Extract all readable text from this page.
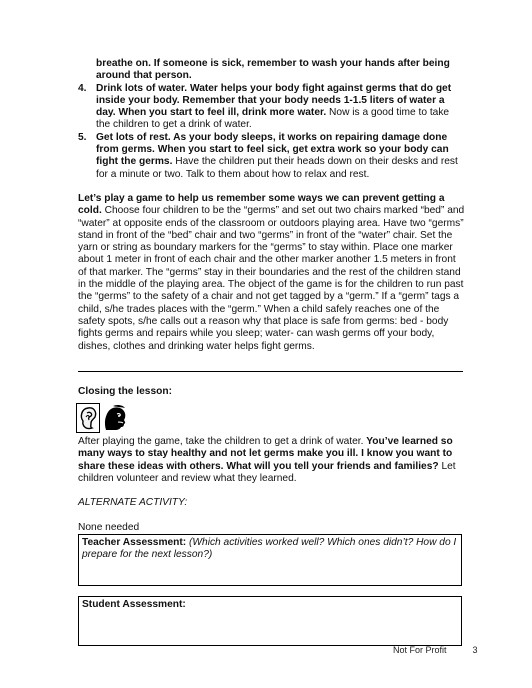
breathe on. If someone is sick, remember to wash your hands after being around that person.
4. Drink lots of water. Water helps your body fight against germs that do get inside your body. Remember that your body needs 1-1.5 liters of water a day. When you start to feel ill, drink more water. Now is a good time to take the children to get a drink of water.
5. Get lots of rest. As your body sleeps, it works on repairing damage done from germs. When you start to feel sick, get extra work so your body can fight the germs. Have the children put their heads down on their desks and rest for a minute or two. Talk to them about how to relax and rest.

Let’s play a game to help us remember some ways we can prevent getting a cold. Choose four children to be the “germs” and set out two chairs marked “bed” and “water” at opposite ends of the classroom or outdoors playing area. Have two “germs” stand in front of the “bed” chair and two “germs” in front of the “water” chair. Set the yarn or string as boundary markers for the “germs” to stay within. Place one marker about 1 meter in front of each chair and the other marker another 1.5 meters in front of that marker. The “germs” stay in their boundaries and the rest of the children stand in the middle of the playing area. The object of the game is for the children to run past the “germs” to the safety of a chair and not get tagged by a “germ.” If a “germ” tags a child, s/he trades places with the “germ.” When a child safely reaches one of the safety spots, s/he calls out a reason why that place is safe from germs: bed - body fights germs and repairs while you sleep; water- can wash germs off your body, dishes, clothes and drinking water helps fight germs.

Closing the lesson:

After playing the game, take the children to get a drink of water. You’ve learned so many ways to stay healthy and not let germs make you ill. I know you want to share these ideas with others. What will you tell your friends and families? Let children volunteer and review what they learned.

ALTERNATE ACTIVITY:

None needed

Teacher Assessment: (Which activities worked well? Which ones didn’t? How do I prepare for the next lesson?)
Student Assessment:
Not For Profit	3
